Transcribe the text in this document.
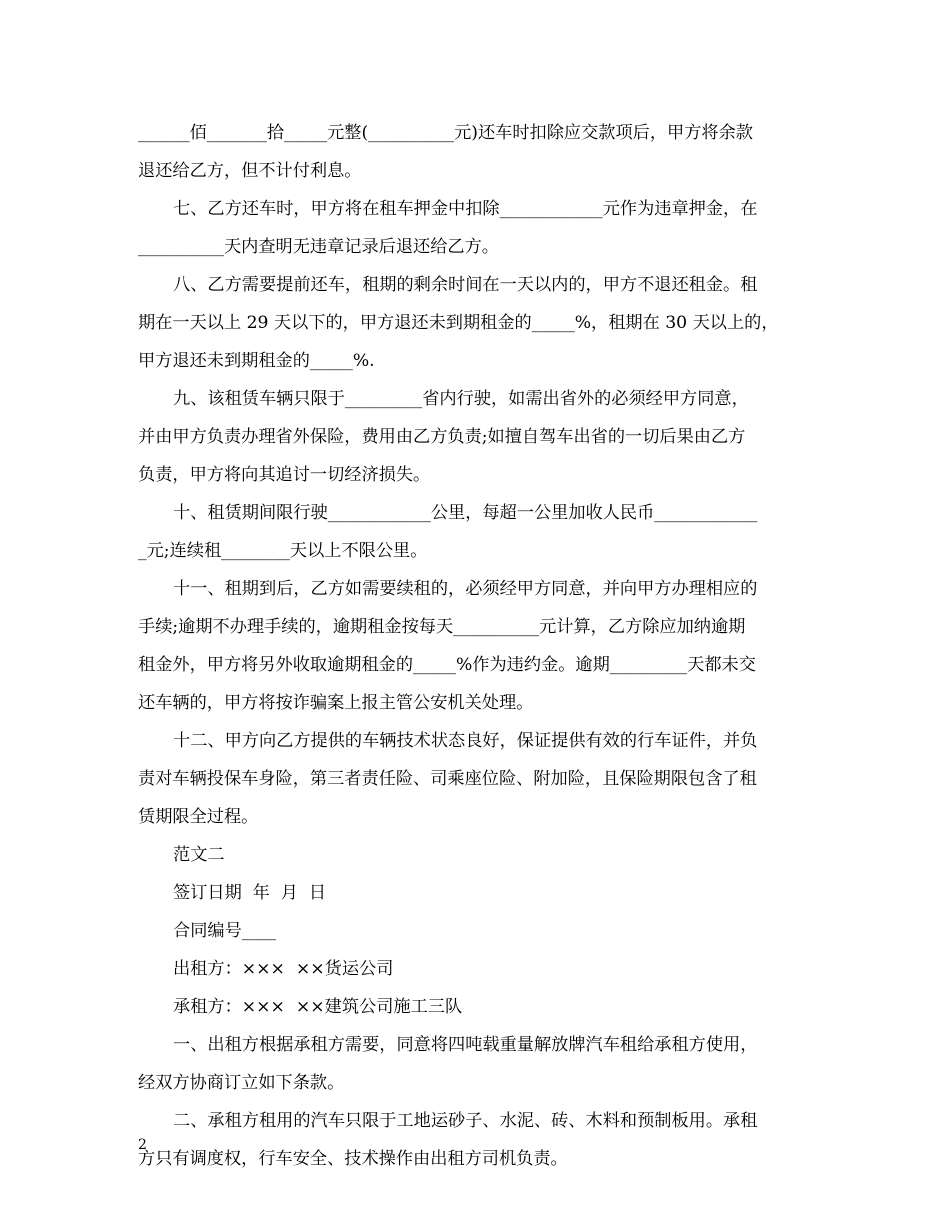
______佰_______拾_____元整(__________元)还车时扣除应交款项后，甲方将余款
退还给乙方，但不计付利息。
七、乙方还车时，甲方将在租车押金中扣除____________元作为违章押金，在
__________天内查明无违章记录后退还给乙方。
八、乙方需要提前还车，租期的剩余时间在一天以内的，甲方不退还租金。租
期在一天以上 29 天以下的，甲方退还未到期租金的_____%，租期在 30 天以上的，
甲方退还未到期租金的_____%.
九、该租赁车辆只限于_________省内行驶，如需出省外的必须经甲方同意，
并由甲方负责办理省外保险，费用由乙方负责;如擅自驾车出省的一切后果由乙方
负责，甲方将向其追讨一切经济损失。
十、租赁期间限行驶____________公里，每超一公里加收人民币____________
_元;连续租________天以上不限公里。
十一、租期到后，乙方如需要续租的，必须经甲方同意，并向甲方办理相应的
手续;逾期不办理手续的，逾期租金按每天__________元计算，乙方除应加纳逾期
租金外，甲方将另外收取逾期租金的_____%作为违约金。逾期_________天都未交
还车辆的，甲方将按诈骗案上报主管公安机关处理。
十二、甲方向乙方提供的车辆技术状态良好，保证提供有效的行车证件，并负
责对车辆投保车身险，第三者责任险、司乘座位险、附加险，且保险期限包含了租
赁期限全过程。
范文二
签订日期  年  月  日
合同编号____
出租方：×××  ××货运公司
承租方：×××  ××建筑公司施工三队
一、出租方根据承租方需要，同意将四吨载重量解放牌汽车租给承租方使用，
经双方协商订立如下条款。
二、承租方租用的汽车只限于工地运砂子、水泥、砖、木料和预制板用。承租
方只有调度权，行车安全、技术操作由出租方司机负责。
2
